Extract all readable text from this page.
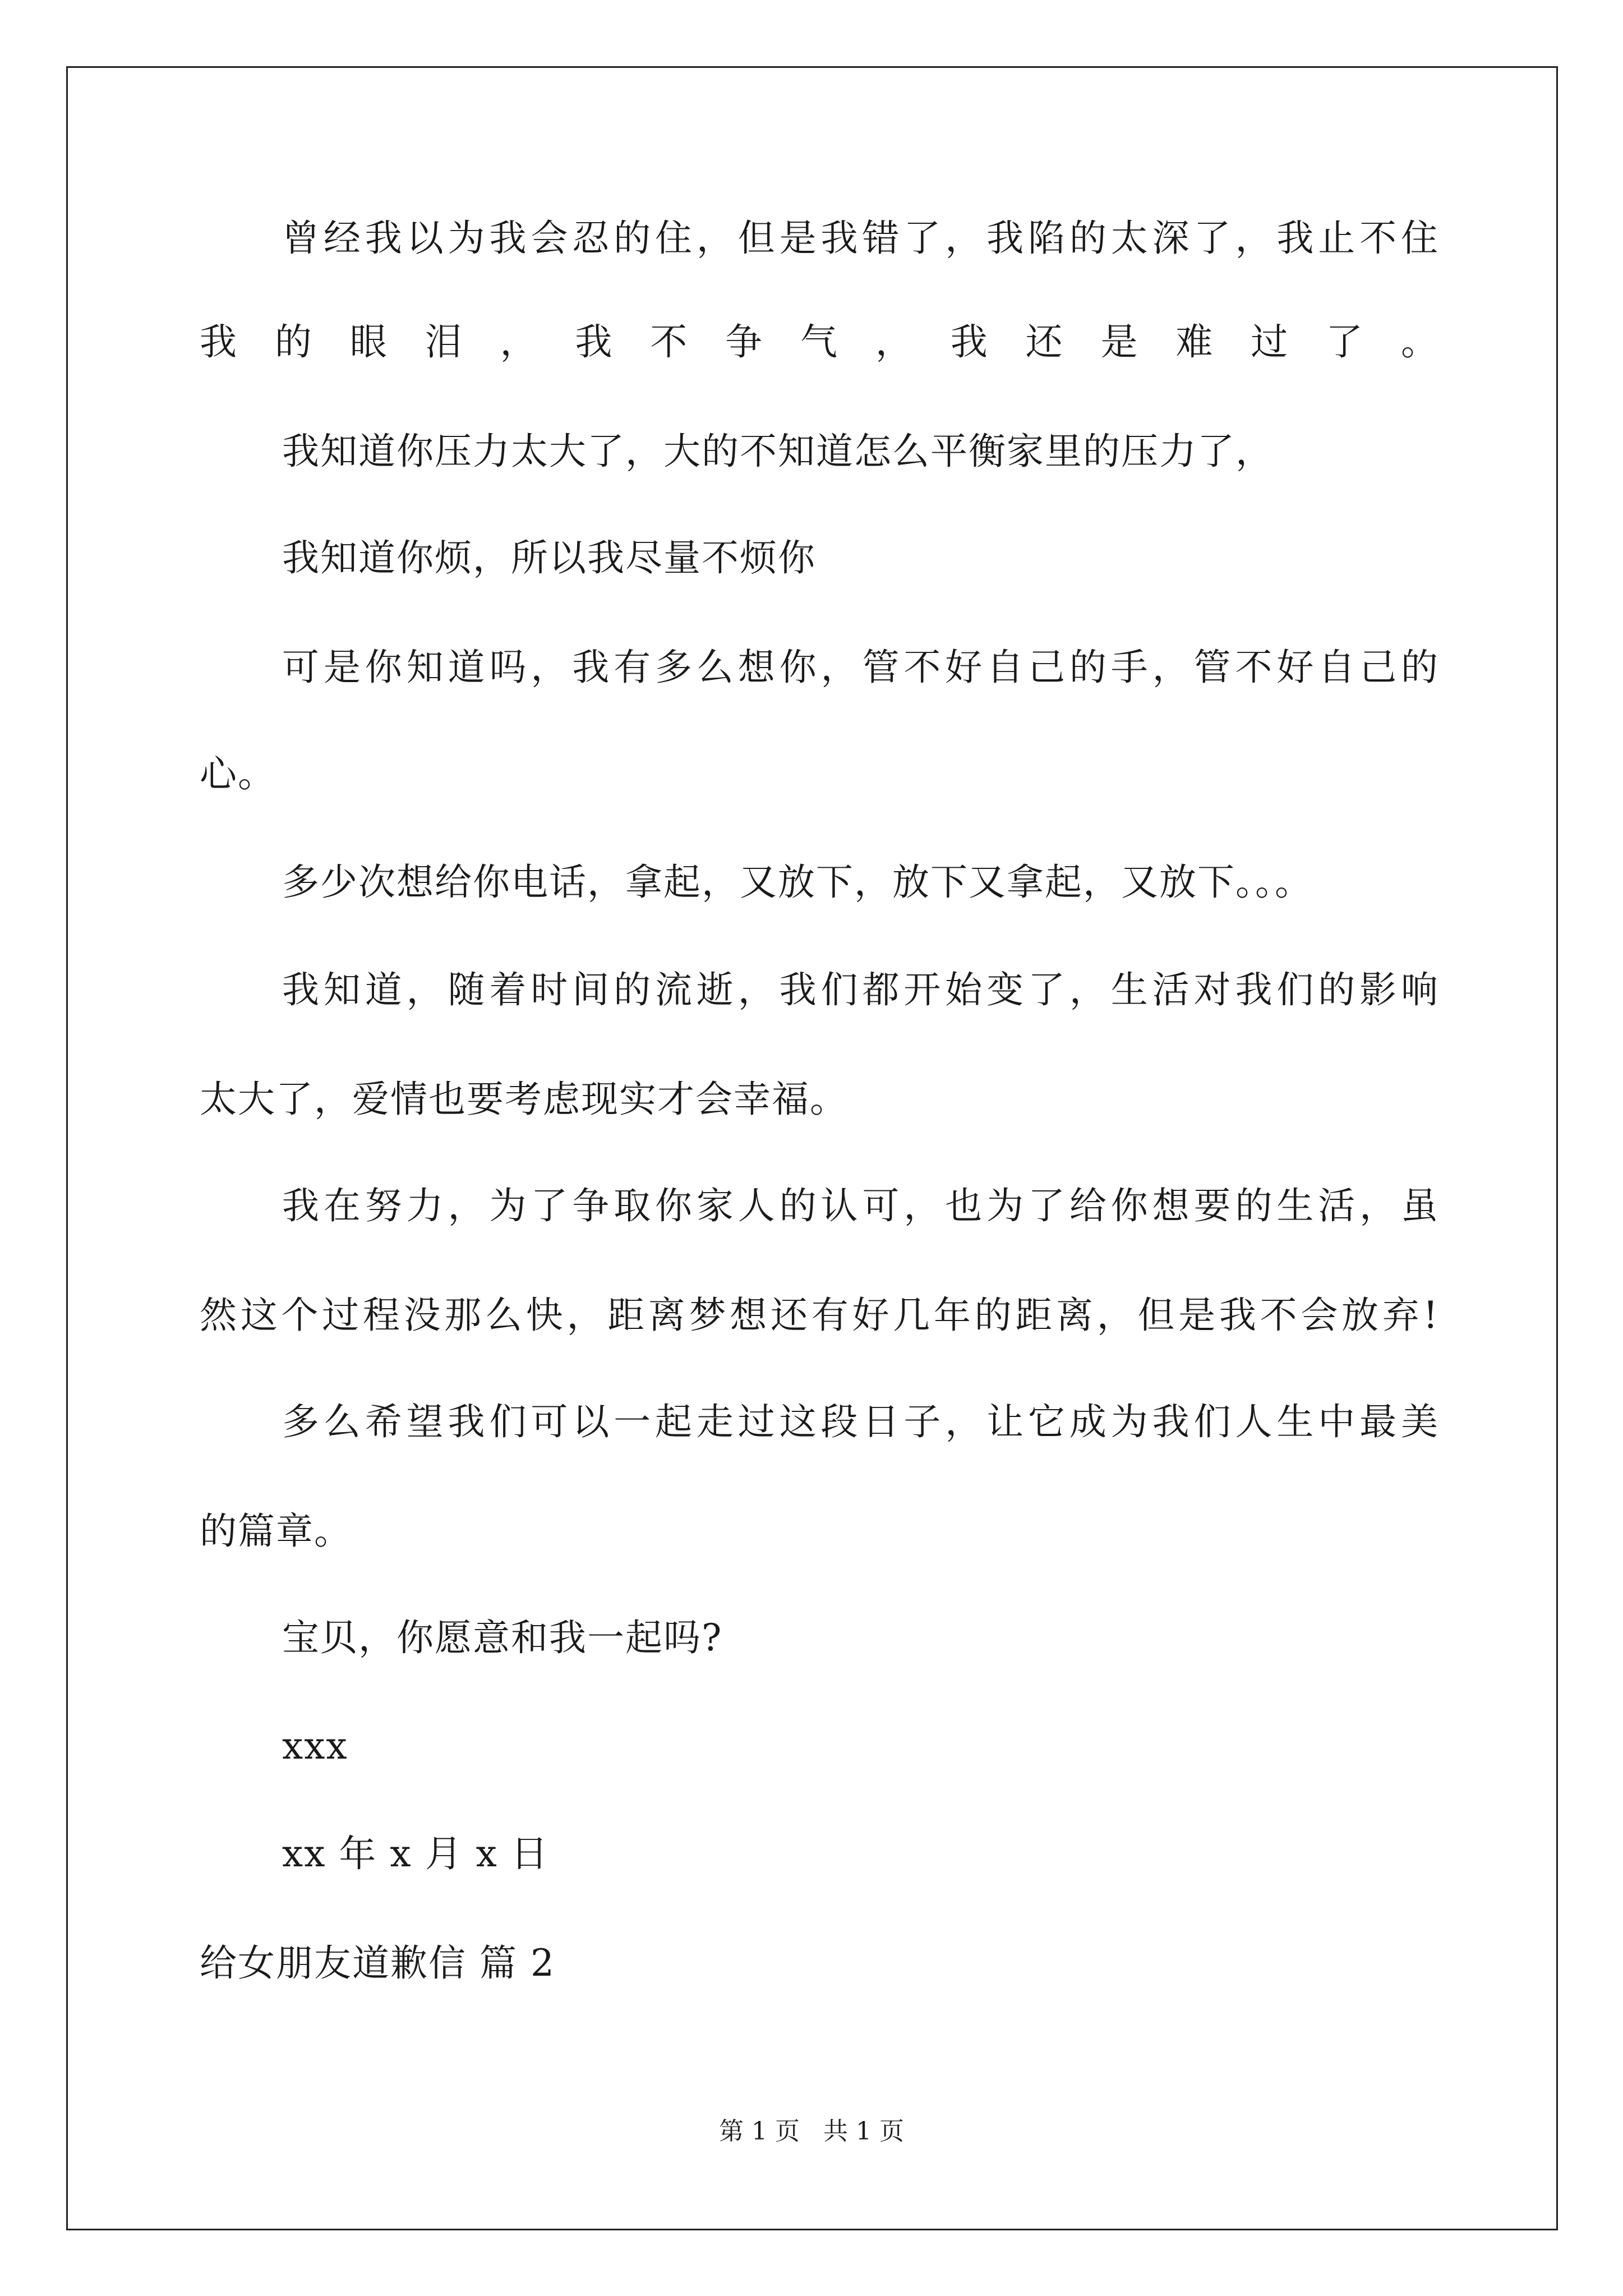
曾经我以为我会忍的住，但是我错了，我陷的太深了，我止不住
我的眼泪，我不争气，我还是难过了。
我知道你压力太大了，大的不知道怎么平衡家里的压力了，
我知道你烦，所以我尽量不烦你
可是你知道吗，我有多么想你，管不好自己的手，管不好自己的
心。
多少次想给你电话，拿起，又放下，放下又拿起，又放下。。。
我知道，随着时间的流逝，我们都开始变了，生活对我们的影响
太大了，爱情也要考虑现实才会幸福。
我在努力，为了争取你家人的认可，也为了给你想要的生活，虽
然这个过程没那么快，距离梦想还有好几年的距离，但是我不会放弃!
多么希望我们可以一起走过这段日子，让它成为我们人生中最美
的篇章。
宝贝，你愿意和我一起吗?
xxx
xx 年 x 月 x 日
给女朋友道歉信 篇 2
第 1 页   共 1 页
